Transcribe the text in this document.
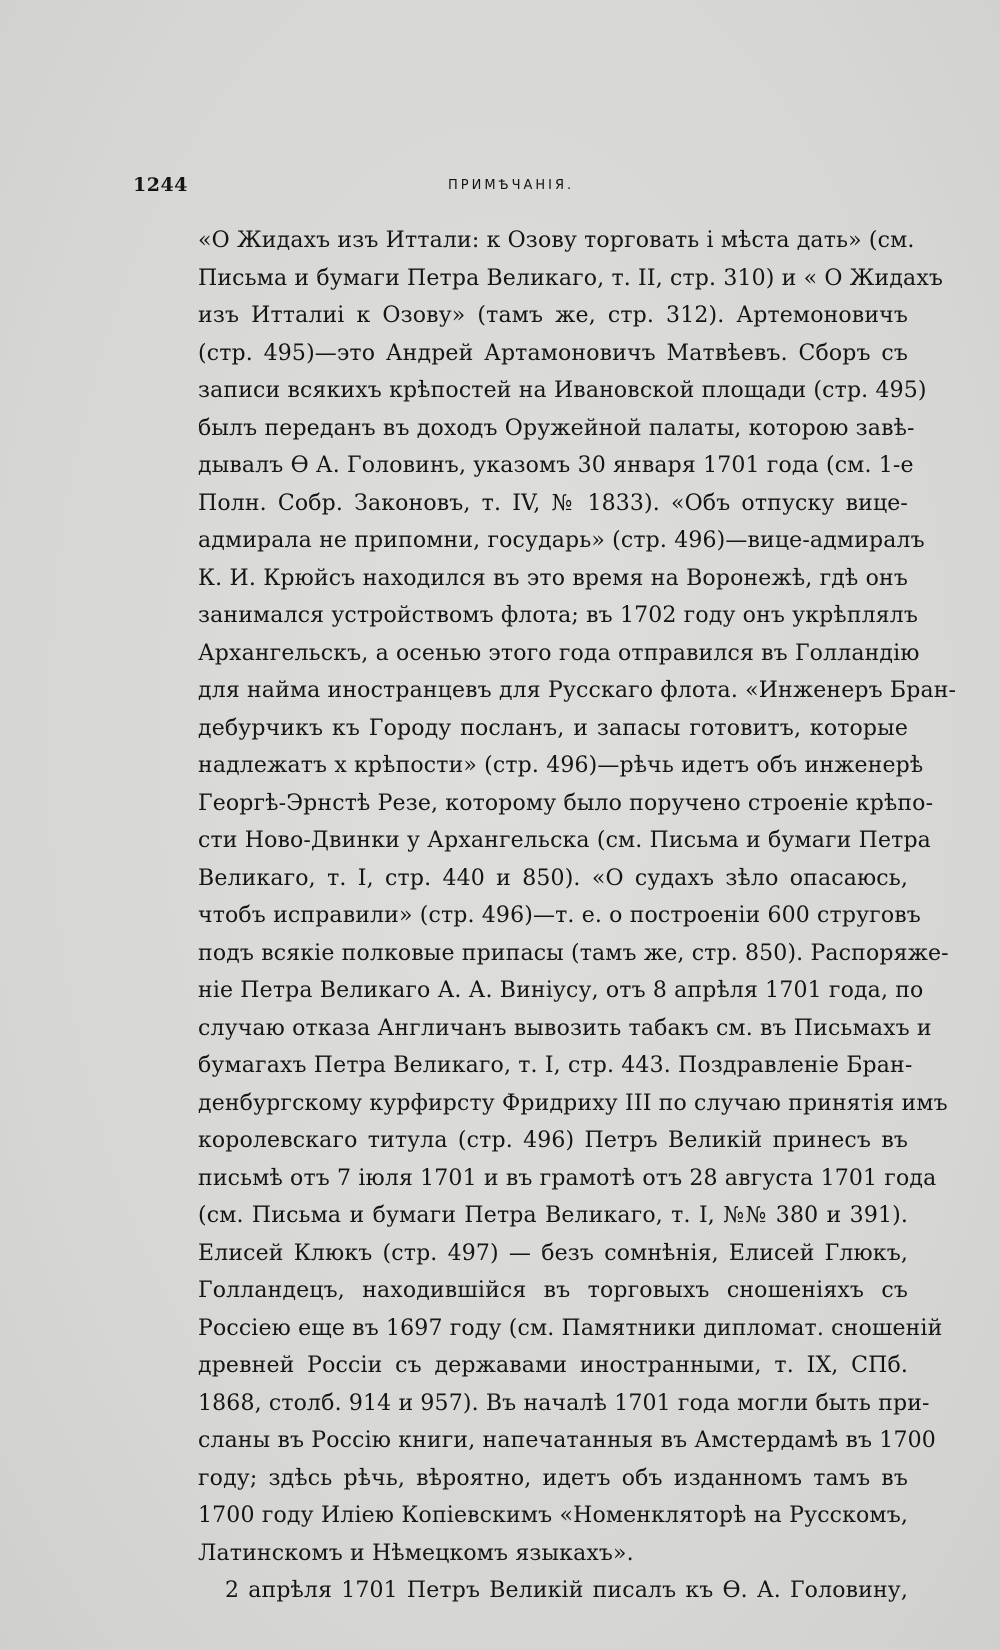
1244	ПРИМѢЧАНІЯ.
«О Жидахъ изъ Иттали: к Озову торговать і мѣста дать» (см.
Письма и бумаги Петра Великаго, т. II, стр. 310) и « О Жидахъ
изъ Итталиі к Озову» (тамъ же, стр. 312). Артемоновичъ
(стр. 495)—это Андрей Артамоновичъ Матвѣевъ. Сборъ съ
записи всякихъ крѣпостей на Ивановской площади (стр. 495)
былъ переданъ въ доходъ Оружейной палаты, которою завѣ-
дывалъ Ѳ А. Головинъ, указомъ 30 января 1701 года (см. 1-е
Полн. Собр. Законовъ, т. IV, № 1833). «Объ отпуску вице-
адмирала не припомни, государь» (стр. 496)—вице-адмиралъ
К. И. Крюйсъ находился въ это время на Воронежѣ, гдѣ онъ
занимался устройствомъ флота; въ 1702 году онъ укрѣплялъ
Архангельскъ, а осенью этого года отправился въ Голландію
для найма иностранцевъ для Русскаго флота. «Инженеръ Бран-
дебурчикъ къ Городу посланъ, и запасы готовитъ, которые
надлежатъ х крѣпости» (стр. 496)—рѣчь идетъ объ инженерѣ
Георгѣ-Эрнстѣ Резе, которому было поручено строеніе крѣпо-
сти Ново-Двинки у Архангельска (см. Письма и бумаги Петра
Великаго, т. I, стр. 440 и 850). «О судахъ зѣло опасаюсь,
чтобъ исправили» (стр. 496)—т. е. о построеніи 600 струговъ
подъ всякіе полковые припасы (тамъ же, стр. 850). Распоряже-
ніе Петра Великаго А. А. Виніусу, отъ 8 апрѣля 1701 года, по
случаю отказа Англичанъ вывозить табакъ см. въ Письмахъ и
бумагахъ Петра Великаго, т. I, стр. 443. Поздравленіе Бран-
денбургскому курфирсту Фридриху III по случаю принятія имъ
королевскаго титула (стр. 496) Петръ Великій принесъ въ
письмѣ отъ 7 іюля 1701 и въ грамотѣ отъ 28 августа 1701 года
(см. Письма и бумаги Петра Великаго, т. I, №№ 380 и 391).
Елисей Клюкъ (стр. 497) — безъ сомнѣнія, Елисей Глюкъ,
Голландецъ, находившійся въ торговыхъ сношеніяхъ съ
Россіею еще въ 1697 году (см. Памятники дипломат. сношеній
древней Россіи съ державами иностранными, т. IX, СПб.
1868, столб. 914 и 957). Въ началѣ 1701 года могли быть при-
сланы въ Россію книги, напечатанныя въ Амстердамѣ въ 1700
году; здѣсь рѣчь, вѣроятно, идетъ объ изданномъ тамъ въ
1700 году Иліею Копіевскимъ «Номенкляторѣ на Русскомъ,
Латинскомъ и Нѣмецкомъ языкахъ».
2 апрѣля 1701 Петръ Великій писалъ къ Ѳ. А. Головину,
